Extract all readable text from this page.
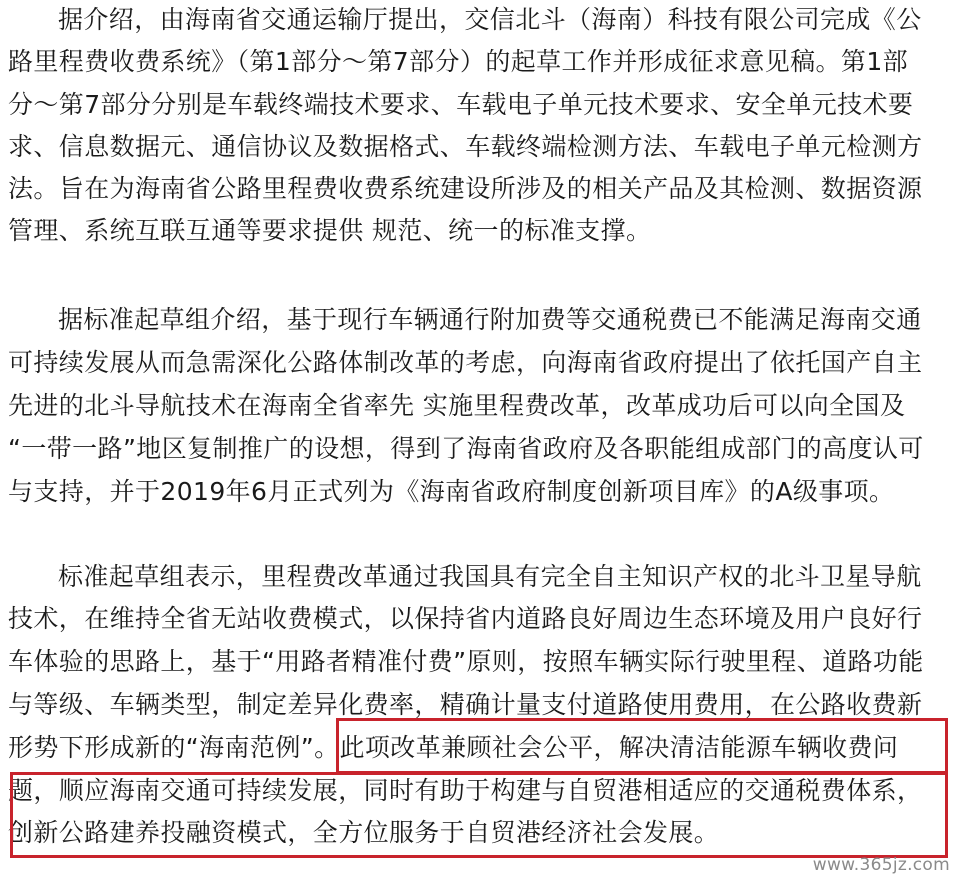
据介绍，由海南省交通运输厅提出，交信北斗（海南）科技有限公司完成《公
路里程费收费系统》（第1部分～第7部分）的起草工作并形成征求意见稿。第1部
分～第7部分分别是车载终端技术要求、车载电子单元技术要求、安全单元技术要
求、信息数据元、通信协议及数据格式、车载终端检测方法、车载电子单元检测方
法。旨在为海南省公路里程费收费系统建设所涉及的相关产品及其检测、数据资源
管理、系统互联互通等要求提供 规范、统一的标准支撑。
据标准起草组介绍，基于现行车辆通行附加费等交通税费已不能满足海南交通
可持续发展从而急需深化公路体制改革的考虑，向海南省政府提出了依托国产自主
先进的北斗导航技术在海南全省率先 实施里程费改革，改革成功后可以向全国及
“一带一路”地区复制推广的设想，得到了海南省政府及各职能组成部门的高度认可
与支持，并于2019年6月正式列为《海南省政府制度创新项目库》的A级事项。
标准起草组表示，里程费改革通过我国具有完全自主知识产权的北斗卫星导航
技术，在维持全省无站收费模式，以保持省内道路良好周边生态环境及用户良好行
车体验的思路上，基于“用路者精准付费”原则，按照车辆实际行驶里程、道路功能
与等级、车辆类型，制定差异化费率，精确计量支付道路使用费用，在公路收费新
形势下形成新的“海南范例”。此项改革兼顾社会公平，解决清洁能源车辆收费问
题，顺应海南交通可持续发展，同时有助于构建与自贸港相适应的交通税费体系，
创新公路建养投融资模式，全方位服务于自贸港经济社会发展。
www.365jz.com
